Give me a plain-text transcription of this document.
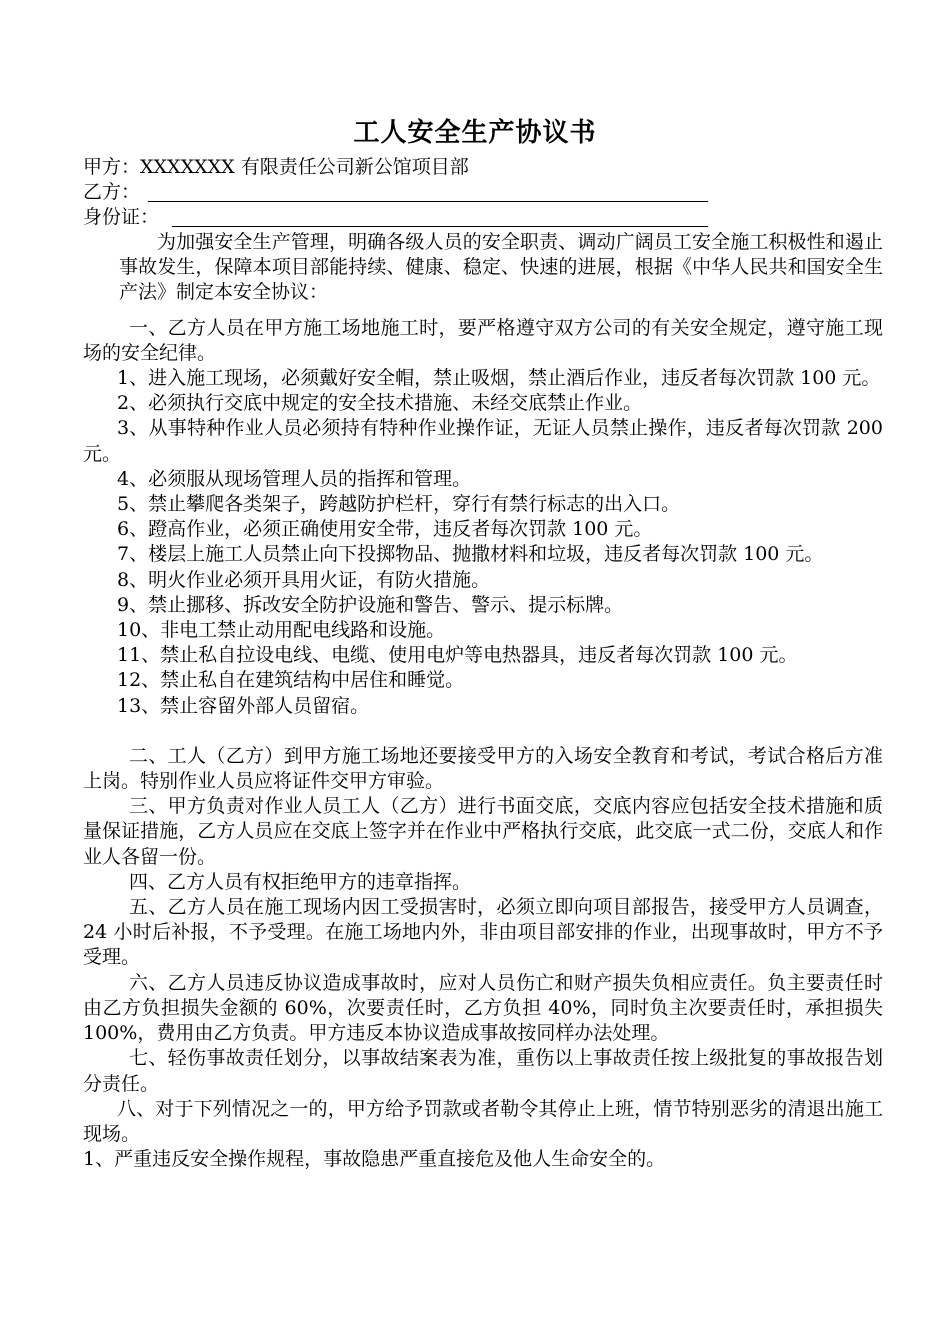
工人安全生产协议书
甲方：XXXXXXX 有限责任公司新公馆项目部
乙方：
身份证：

为加强安全生产管理，明确各级人员的安全职责、调动广阔员工安全施工积极性和遏止事故发生，保障本项目部能持续、健康、稳定、快速的进展，根据《中华人民共和国安全生产法》制定本安全协议：

一、乙方人员在甲方施工场地施工时，要严格遵守双方公司的有关安全规定，遵守施工现场的安全纪律。

1、进入施工现场，必须戴好安全帽，禁止吸烟，禁止酒后作业，违反者每次罚款 100 元。

2、必须执行交底中规定的安全技术措施、未经交底禁止作业。

3、从事特种作业人员必须持有特种作业操作证，无证人员禁止操作，违反者每次罚款 200 元。

4、必须服从现场管理人员的指挥和管理。

5、禁止攀爬各类架子，跨越防护栏杆，穿行有禁行标志的出入口。

6、蹬高作业，必须正确使用安全带，违反者每次罚款 100 元。

7、楼层上施工人员禁止向下投掷物品、抛撒材料和垃圾，违反者每次罚款 100 元。

8、明火作业必须开具用火证，有防火措施。

9、禁止挪移、拆改安全防护设施和警告、警示、提示标牌。

10、非电工禁止动用配电线路和设施。

11、禁止私自拉设电线、电缆、使用电炉等电热器具，违反者每次罚款 100 元。

12、禁止私自在建筑结构中居住和睡觉。

13、禁止容留外部人员留宿。

二、工人（乙方）到甲方施工场地还要接受甲方的入场安全教育和考试，考试合格后方准上岗。特别作业人员应将证件交甲方审验。

三、甲方负责对作业人员工人（乙方）进行书面交底，交底内容应包括安全技术措施和质量保证措施，乙方人员应在交底上签字并在作业中严格执行交底，此交底一式二份，交底人和作业人各留一份。

四、乙方人员有权拒绝甲方的违章指挥。

五、乙方人员在施工现场内因工受损害时，必须立即向项目部报告，接受甲方人员调查，24 小时后补报，不予受理。在施工场地内外，非由项目部安排的作业，出现事故时，甲方不予受理。

六、乙方人员违反协议造成事故时，应对人员伤亡和财产损失负相应责任。负主要责任时由乙方负担损失金额的 60%，次要责任时，乙方负担 40%，同时负主次要责任时，承担损失 100%，费用由乙方负责。甲方违反本协议造成事故按同样办法处理。

七、轻伤事故责任划分，以事故结案表为准，重伤以上事故责任按上级批复的事故报告划分责任。

八、对于下列情况之一的，甲方给予罚款或者勒令其停止上班，情节特别恶劣的清退出施工现场。

1、严重违反安全操作规程，事故隐患严重直接危及他人生命安全的。
